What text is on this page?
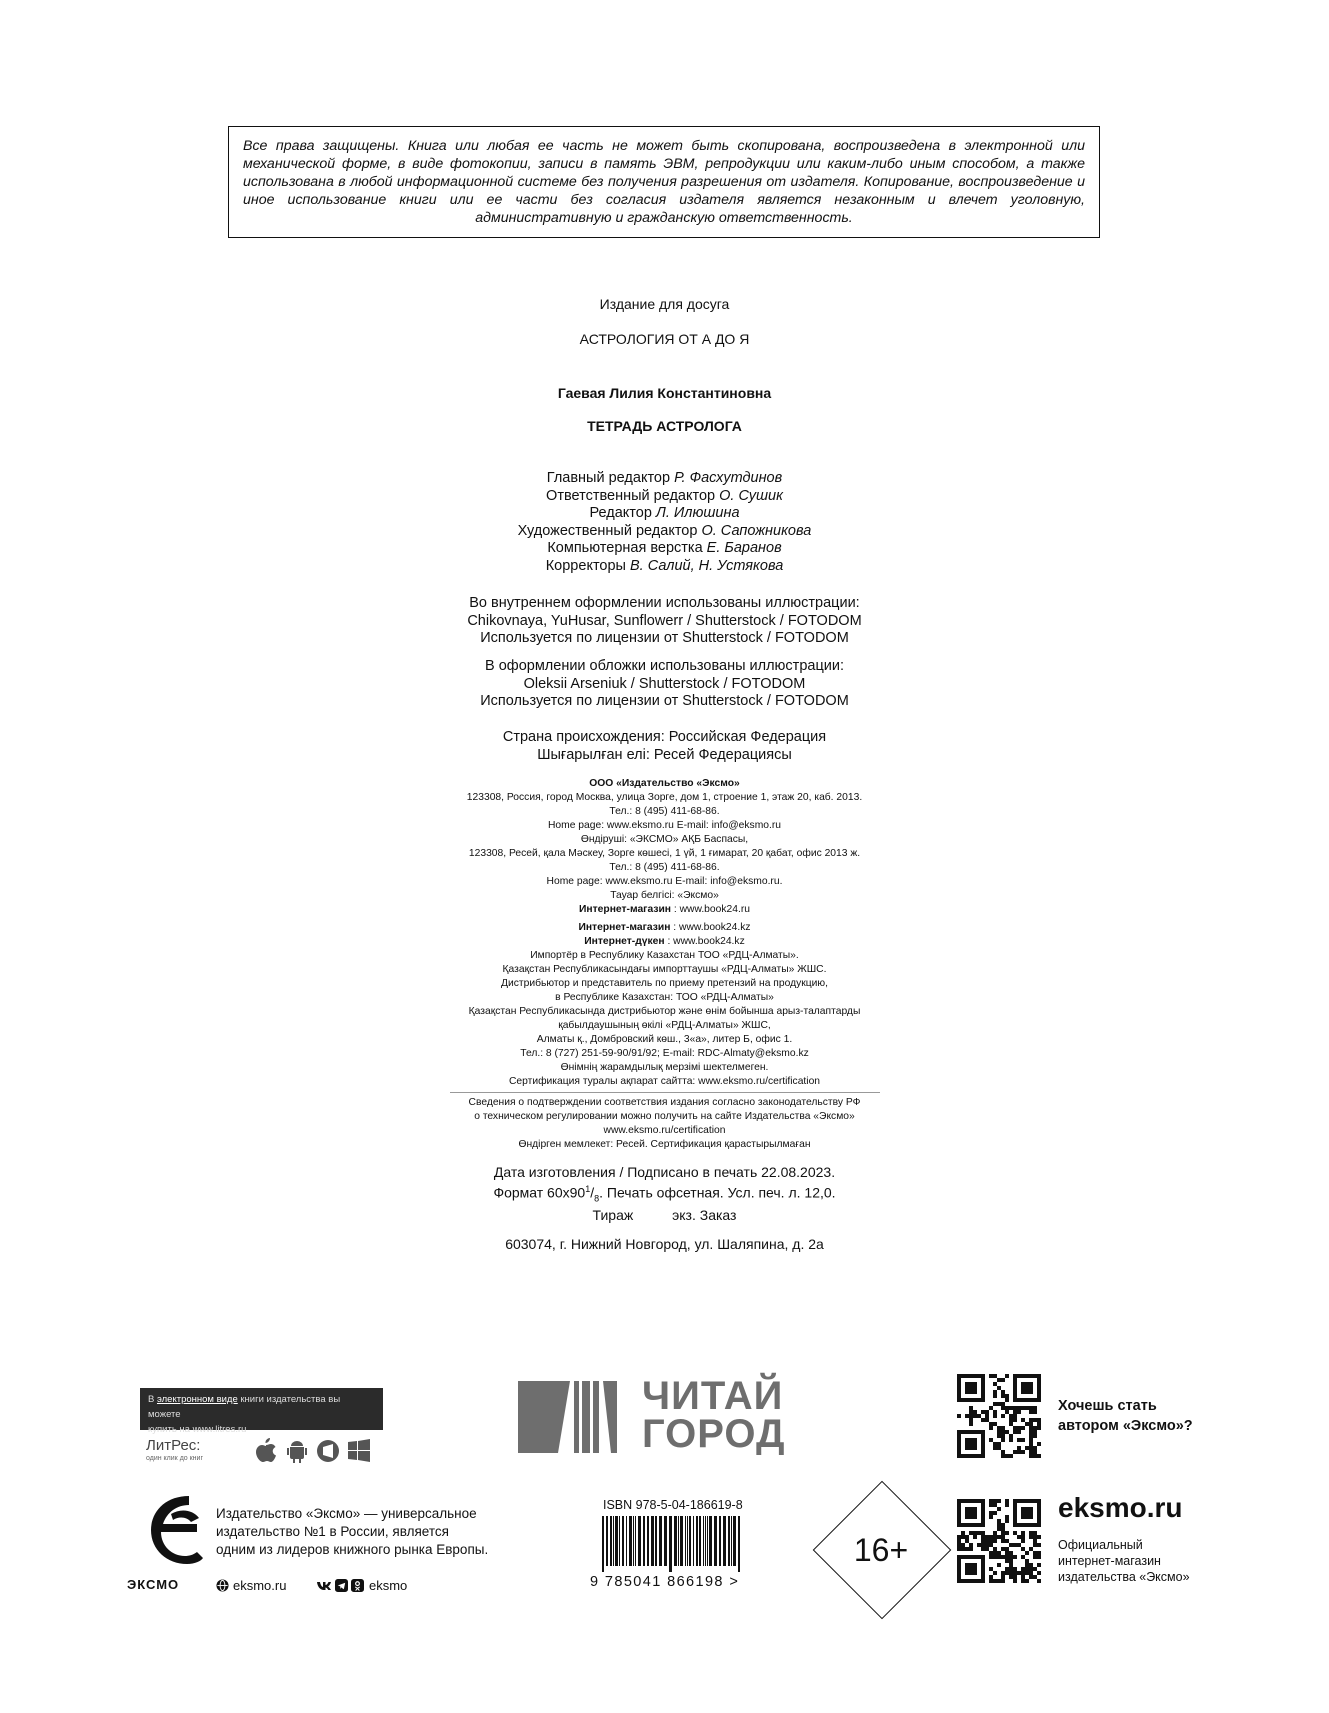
Все права защищены. Книга или любая ее часть не может быть скопирована, воспроизведена в электронной или механической форме, в виде фотокопии, записи в память ЭВМ, репродукции или каким-либо иным способом, а также использована в любой информационной системе без получения разрешения от издателя. Копирование, воспроизведение и иное использование книги или ее части без согласия издателя является незаконным и влечет уголовную, административную и гражданскую ответственность.
Издание для досуга
АСТРОЛОГИЯ ОТ А ДО Я
Гаевая Лилия Константиновна
ТЕТРАДЬ АСТРОЛОГА
Главный редактор Р. Фасхутдинов
Ответственный редактор О. Сушик
Редактор Л. Илюшина
Художественный редактор О. Сапожникова
Компьютерная верстка Е. Баранов
Корректоры В. Салий, Н. Устякова
Во внутреннем оформлении использованы иллюстрации:
Chikovnaya, YuHusar, Sunflowerr / Shutterstock / FOTODOM
Используется по лицензии от Shutterstock / FOTODOM
В оформлении обложки использованы иллюстрации:
Oleksii Arseniuk / Shutterstock / FOTODOM
Используется по лицензии от Shutterstock / FOTODOM
Страна происхождения: Российская Федерация
Шығарылған елі: Ресей Федерациясы
ООО «Издательство «Эксмо»
123308, Россия, город Москва, улица Зорге, дом 1, строение 1, этаж 20, каб. 2013.
Тел.: 8 (495) 411-68-86.
Home page: www.eksmo.ru E-mail: info@eksmo.ru
Өндіруші: «ЭКСМО» АҚБ Баспасы,
123308, Ресей, қала Мәскеу, Зорге көшесі, 1 үй, 1 ғимарат, 20 қабат, офис 2013 ж.
Тел.: 8 (495) 411-68-86.
Home page: www.eksmo.ru E-mail: info@eksmo.ru.
Тауар белгісі: «Эксмо»
Интернет-магазин : www.book24.ru
Интернет-магазин : www.book24.kz
Интернет-дүкен : www.book24.kz
Импортёр в Республику Казахстан ТОО «РДЦ-Алматы».
Қазақстан Республикасындағы импорттаушы «РДЦ-Алматы» ЖШС.
Дистрибьютор и представитель по приему претензий на продукцию,
в Республике Казахстан: ТОО «РДЦ-Алматы»
Қазақстан Республикасында дистрибьютор және өнім бойынша арыз-талаптарды
қабылдаушының өкілі «РДЦ-Алматы» ЖШС,
Алматы қ., Домбровский көш., 3«а», литер Б, офис 1.
Тел.: 8 (727) 251-59-90/91/92; E-mail: RDC-Almaty@eksmo.kz
Өнімнің жарамдылық мерзімі шектелмеген.
Сертификация туралы ақпарат сайтта: www.eksmo.ru/certification
Сведения о подтверждении соответствия издания согласно законодательству РФ
о техническом регулировании можно получить на сайте Издательства «Эксмо»
www.eksmo.ru/certification
Өндірген мемлекет: Ресей. Сертификация қарастырылмаған
Дата изготовления / Подписано в печать 22.08.2023.
Формат $60х90^1/_8$. Печать офсетная. Усл. печ. л. 12,0.
Тираж          экз. Заказ
603074, г. Нижний Новгород, ул. Шаляпина, д. 2а
В электронном виде книги издательства вы можете
купить на www.litres.ru
ЛитРес:
один клик до книг
ЧИТАЙ
ГОРОД
Хочешь стать
автором «Эксмо»?
ЭКСМО
Издательство «Эксмо» — универсальное
издательство №1 в России, является
одним из лидеров книжного рынка Европы.
eksmo.ru	eksmo
ISBN 978-5-04-186619-8
9 785041 866198 >
16+
eksmo.ru
Официальный
интернет-магазин
издательства «Эксмо»
